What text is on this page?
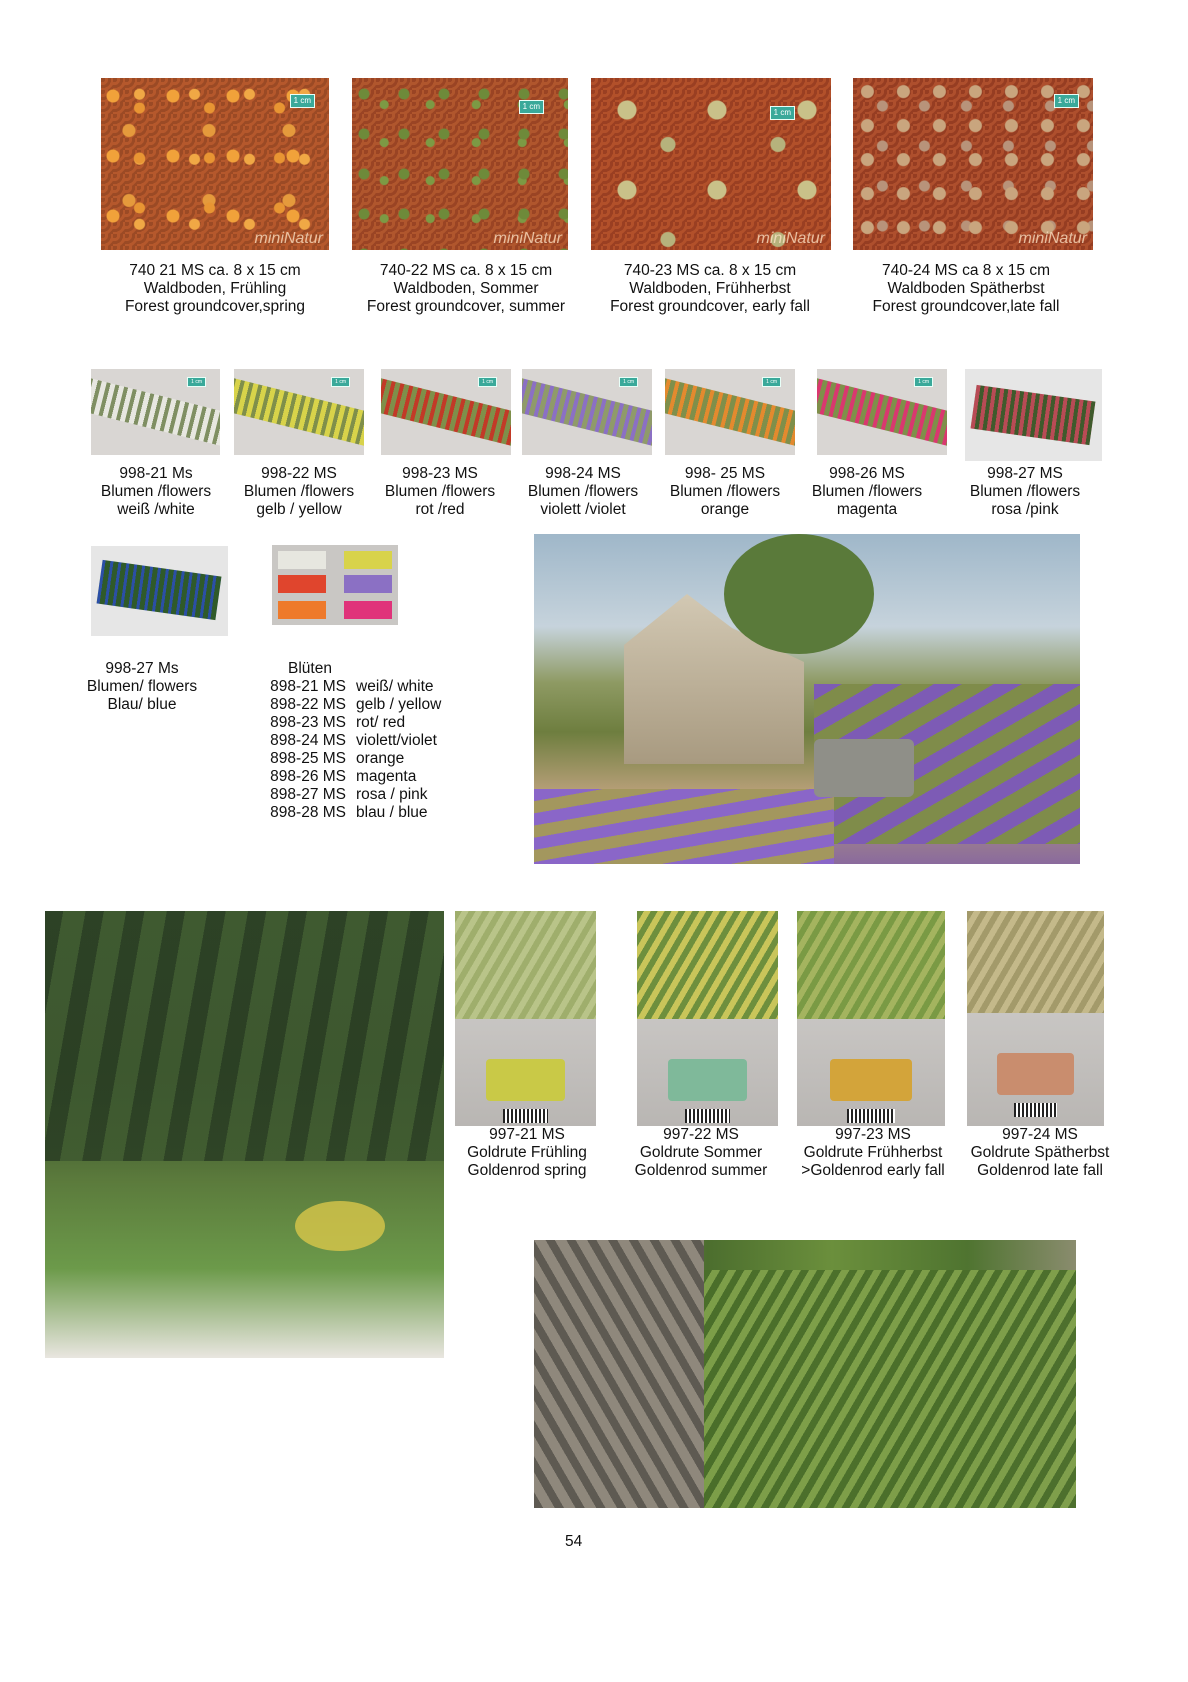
1 cm
miniNatur
1 cm
miniNatur
1 cm
miniNatur
1 cm
miniNatur
740 21 MS ca. 8 x 15 cm
Waldboden, Frühling
Forest groundcover,spring
740-22 MS ca. 8 x 15 cm
Waldboden, Sommer
Forest groundcover, summer
740-23 MS ca. 8 x 15 cm
Waldboden, Frühherbst
Forest groundcover, early fall
740-24 MS ca 8 x 15 cm
Waldboden Spätherbst
Forest groundcover,late fall
1 cm	1 cm	1 cm	1 cm	1 cm	1 cm
998-21 Ms
Blumen /flowers
weiß /white
998-22 MS
Blumen /flowers
gelb / yellow
998-23 MS
Blumen /flowers
rot /red
998-24 MS
Blumen /flowers
violett /violet
998- 25 MS
Blumen /flowers
orange
998-26 MS
Blumen /flowers
magenta
998-27 MS
Blumen /flowers
rosa /pink
998-27 Ms
Blumen/ flowers
Blau/ blue
Blüten
898-21 MS weiß/ white
898-22 MS gelb / yellow
898-23 MS rot/ red
898-24 MS violett/violet
898-25 MS orange
898-26 MS magenta
898-27 MS rosa / pink
898-28 MS blau / blue
997-21 MS
Goldrute Frühling
Goldenrod spring
997-22 MS
Goldrute Sommer
Goldenrod summer
997-23 MS
Goldrute Frühherbst
>Goldenrod early fall
997-24 MS
Goldrute Spätherbst
Goldenrod late fall
54
